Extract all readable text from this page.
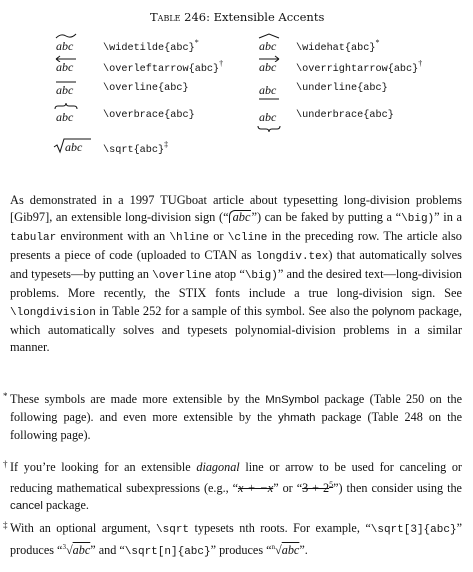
Table 246: Extensible Accents
abc	\widetilde{abc}*	abc \widehat{abc}*
abc	\overleftarrow{abc}†	abc \overrightarrow{abc}†
abc	\overline{abc}	abc \underline{abc}
abc	\overbrace{abc}	abc \underbrace{abc}
abc \sqrt{abc}‡
As demonstrated in a 1997 TUGboat article about typesetting long-division problems [Gib97], an extensible long-division sign (“ abc”) can be faked by putting a “\big)” in a tabular environment with an \hline or \cline in the preceding row. The article also presents a piece of code (uploaded to CTAN as longdiv.tex) that automatically solves and typesets—by putting an \overline atop “\big)” and the desired text—long-division problems. More recently, the STIX fonts include a true long-division sign. See \longdivision in Table 252 for a sample of this symbol. See also the polynom package, which automatically solves and typesets polynomial-division problems in a similar manner.
* These symbols are made more extensible by the MnSymbol package (Table 250 on the following page). and even more extensible by the yhmath package (Table 248 on the following page).
† If you’re looking for an extensible diagonal line or arrow to be used for canceling or reducing mathematical subexpressions (e.g., “x + −x” or “$3 + 2^5$”) then consider using the cancel package.
‡ With an optional argument, \sqrt typesets nth roots. For example, “\sqrt[3]{abc}” produces “$^3$√abc” and “\sqrt[n]{abc}” produces “$^n$√abc”.
